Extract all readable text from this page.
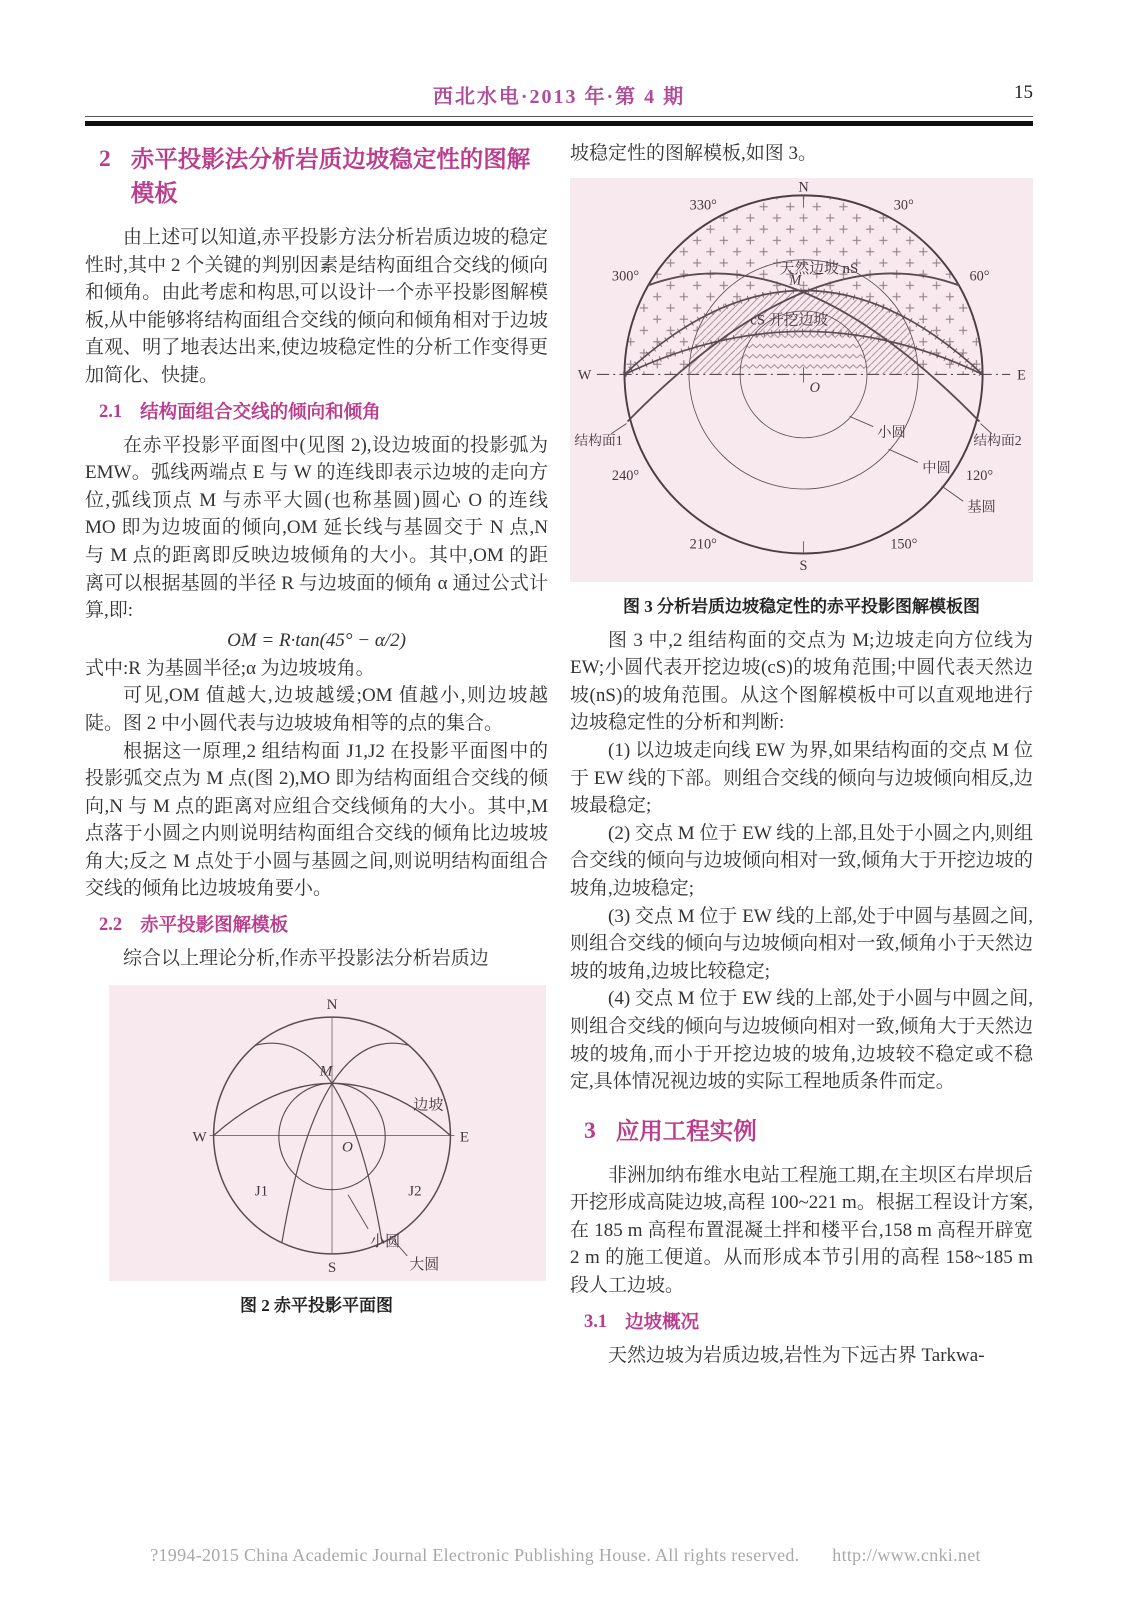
西北水电·2013 年·第 4 期	15
2 赤平投影法分析岩质边坡稳定性的图解模板

由上述可以知道,赤平投影方法分析岩质边坡的稳定性时,其中 2 个关键的判别因素是结构面组合交线的倾向和倾角。由此考虑和构思,可以设计一个赤平投影图解模板,从中能够将结构面组合交线的倾向和倾角相对于边坡直观、明了地表达出来,使边坡稳定性的分析工作变得更加简化、快捷。

2.1 结构面组合交线的倾向和倾角

在赤平投影平面图中(见图 2),设边坡面的投影弧为 EMW。弧线两端点 E 与 W 的连线即表示边坡的走向方位,弧线顶点 M 与赤平大圆(也称基圆)圆心 O 的连线 MO 即为边坡面的倾向,OM 延长线与基圆交于 N 点,N 与 M 点的距离即反映边坡倾角的大小。其中,OM 的距离可以根据基圆的半径 R 与边坡面的倾角 α 通过公式计算,即:

OM = R·tan(45° − α/2)

式中:R 为基圆半径;α 为边坡坡角。

可见,OM 值越大,边坡越缓;OM 值越小,则边坡越陡。图 2 中小圆代表与边坡坡角相等的点的集合。

根据这一原理,2 组结构面 J1,J2 在投影平面图中的投影弧交点为 M 点(图 2),MO 即为结构面组合交线的倾向,N 与 M 点的距离对应组合交线倾角的大小。其中,M 点落于小圆之内则说明结构面组合交线的倾角比边坡坡角大;反之 M 点处于小圆与基圆之间,则说明结构面组合交线的倾角比边坡坡角要小。

2.2 赤平投影图解模板

综合以上理论分析,作赤平投影法分析岩质边

N
S
W	E
M
O
边坡
J1	J2
小圆
大圆
图 2 赤平投影平面图

坡稳定性的图解模板,如图 3。

N
S
W	E
330°	30°
300°	60°
240°	120°
210°	150°
M
O
天然边坡 nS
cS 开挖边坡
小圆
中圆
基圆
结构面1	结构面2
图 3 分析岩质边坡稳定性的赤平投影图解模板图

图 3 中,2 组结构面的交点为 M;边坡走向方位线为 EW;小圆代表开挖边坡(cS)的坡角范围;中圆代表天然边坡(nS)的坡角范围。从这个图解模板中可以直观地进行边坡稳定性的分析和判断:

(1) 以边坡走向线 EW 为界,如果结构面的交点 M 位于 EW 线的下部。则组合交线的倾向与边坡倾向相反,边坡最稳定;

(2) 交点 M 位于 EW 线的上部,且处于小圆之内,则组合交线的倾向与边坡倾向相对一致,倾角大于开挖边坡的坡角,边坡稳定;

(3) 交点 M 位于 EW 线的上部,处于中圆与基圆之间,则组合交线的倾向与边坡倾向相对一致,倾角小于天然边坡的坡角,边坡比较稳定;

(4) 交点 M 位于 EW 线的上部,处于小圆与中圆之间,则组合交线的倾向与边坡倾向相对一致,倾角大于天然边坡的坡角,而小于开挖边坡的坡角,边坡较不稳定或不稳定,具体情况视边坡的实际工程地质条件而定。

3 应用工程实例

非洲加纳布维水电站工程施工期,在主坝区右岸坝后开挖形成高陡边坡,高程 100~221 m。根据工程设计方案,在 185 m 高程布置混凝土拌和楼平台,158 m 高程开辟宽 2 m 的施工便道。从而形成本节引用的高程 158~185 m 段人工边坡。

3.1 边坡概况

天然边坡为岩质边坡,岩性为下远古界 Tarkwa-

?1994-2015 China Academic Journal Electronic Publishing House. All rights reserved. http://www.cnki.net
